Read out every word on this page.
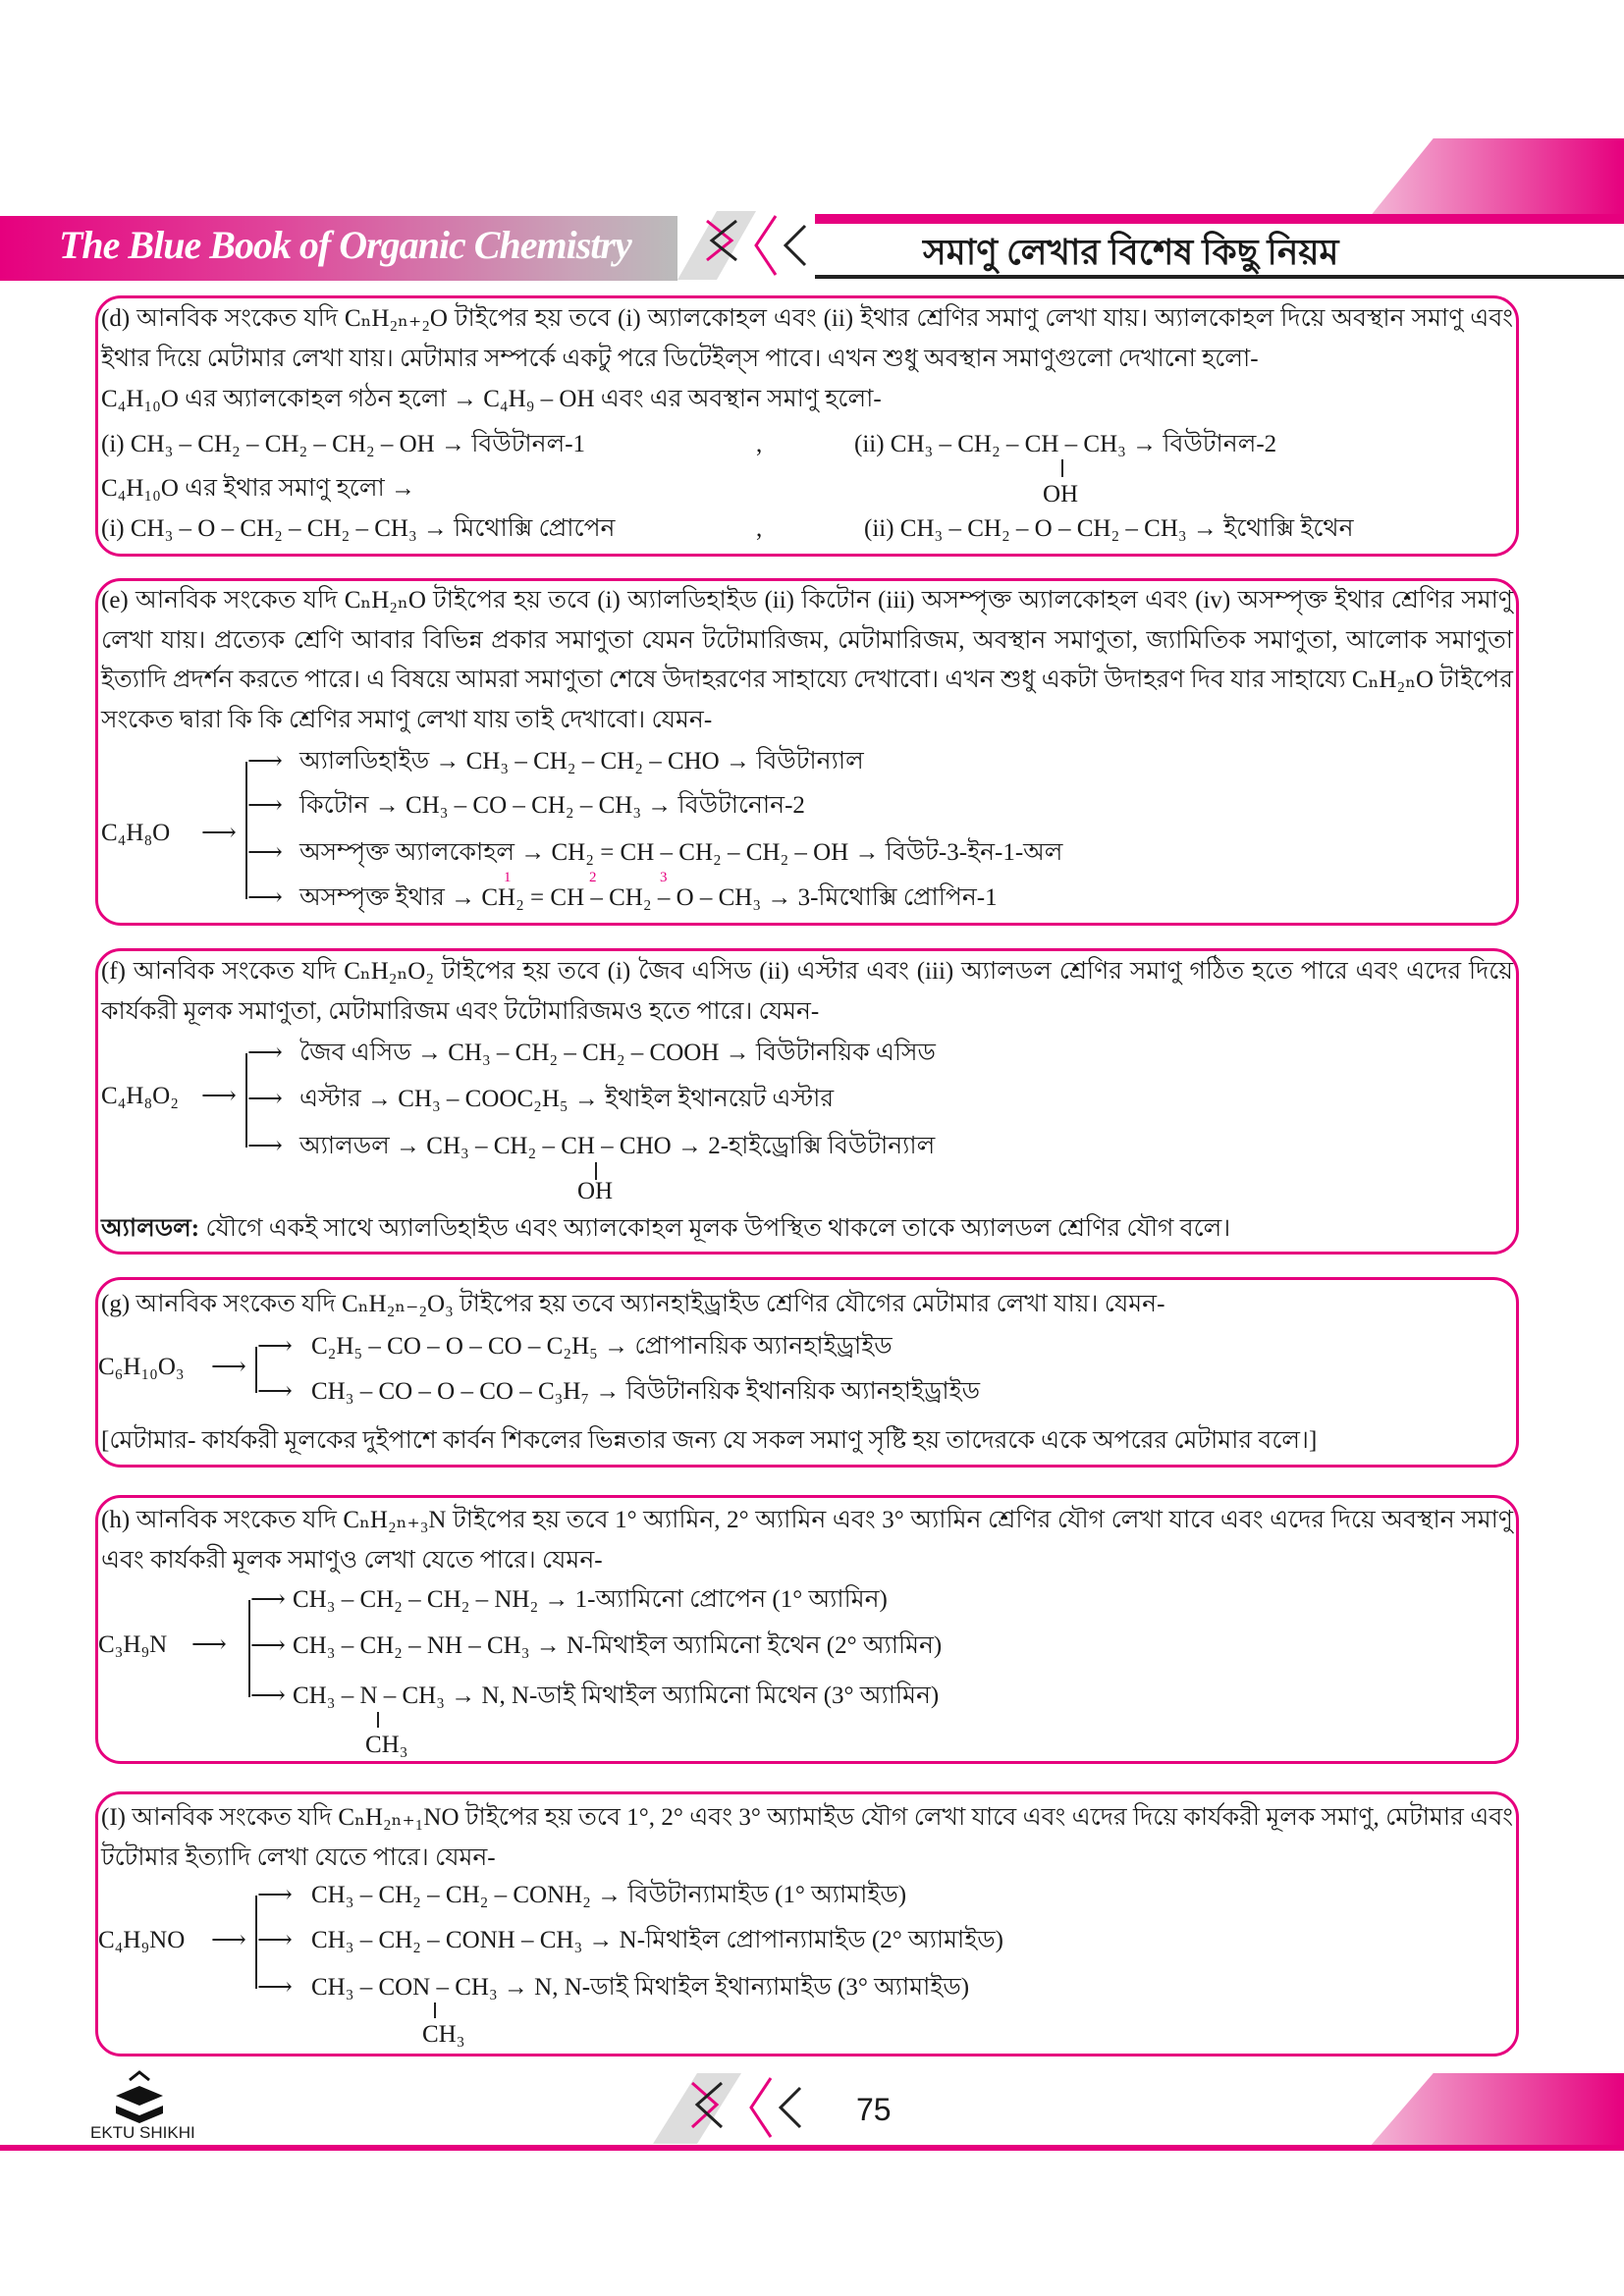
The Blue Book of Organic Chemistry	সমাণু লেখার বিশেষ কিছু নিয়ম
(d) আনবিক সংকেত যদি CₙH₂ₙ₊₂O টাইপের হয় তবে (i) অ্যালকোহল এবং (ii) ইথার শ্রেণির সমাণু লেখা যায়। অ্যালকোহল দিয়ে অবস্থান সমাণু এবং ইথার দিয়ে মেটামার লেখা যায়। মেটামার সম্পর্কে একটু পরে ডিটেইল্স পাবে। এখন শুধু অবস্থান সমাণুগুলো দেখানো হলো-
C₄H₁₀O এর অ্যালকোহল গঠন হলো → C₄H₉ – OH এবং এর অবস্থান সমাণু হলো-
(i) CH₃ – CH₂ – CH₂ – CH₂ – OH → বিউটানল-1	,	(ii) CH₃ – CH₂ – CH – CH₃ → বিউটানল-2
OH
C₄H₁₀O এর ইথার সমাণু হলো →
(i) CH₃ – O – CH₂ – CH₂ – CH₃ → মিথোক্সি প্রোপেন	,	(ii) CH₃ – CH₂ – O – CH₂ – CH₃ → ইথোক্সি ইথেন
(e) আনবিক সংকেত যদি CₙH₂ₙO টাইপের হয় তবে (i) অ্যালডিহাইড (ii) কিটোন (iii) অসম্পৃক্ত অ্যালকোহল এবং (iv) অসম্পৃক্ত ইথার শ্রেণির সমাণু লেখা যায়। প্রত্যেক শ্রেণি আবার বিভিন্ন প্রকার সমাণুতা যেমন টটোমারিজম, মেটামারিজম, অবস্থান সমাণুতা, জ্যামিতিক সমাণুতা, আলোক সমাণুতা ইত্যাদি প্রদর্শন করতে পারে। এ বিষয়ে আমরা সমাণুতা শেষে উদাহরণের সাহায্যে দেখাবো। এখন শুধু একটা উদাহরণ দিব যার সাহায্যে CₙH₂ₙO টাইপের সংকেত দ্বারা কি কি শ্রেণির সমাণু লেখা যায় তাই দেখাবো। যেমন-
C₄H₈O ⟶
⟶ অ্যালডিহাইড → CH₃ – CH₂ – CH₂ – CHO → বিউটান্যাল
⟶ কিটোন → CH₃ – CO – CH₂ – CH₃ → বিউটানোন-2
⟶ অসম্পৃক্ত অ্যালকোহল → CH₂ = CH – CH₂ – CH₂ – OH → বিউট-3-ইন-1-অল
⟶ অসম্পৃক্ত ইথার → CH₂ = CH – CH₂ – O – CH₃ → 3-মিথোক্সি প্রোপিন-1
1	2	3
(f) আনবিক সংকেত যদি CₙH₂ₙO₂ টাইপের হয় তবে (i) জৈব এসিড (ii) এস্টার এবং (iii) অ্যালডল শ্রেণির সমাণু গঠিত হতে পারে এবং এদের দিয়ে কার্যকরী মূলক সমাণুতা, মেটামারিজম এবং টটোমারিজমও হতে পারে। যেমন-
C₄H₈O₂ ⟶
⟶ জৈব এসিড → CH₃ – CH₂ – CH₂ – COOH → বিউটানয়িক এসিড
⟶ এস্টার → CH₃ – COOC₂H₅ → ইথাইল ইথানয়েট এস্টার
⟶ অ্যালডল → CH₃ – CH₂ – CH – CHO → 2-হাইড্রোক্সি বিউটান্যাল
OH
অ্যালডল: যৌগে একই সাথে অ্যালডিহাইড এবং অ্যালকোহল মূলক উপস্থিত থাকলে তাকে অ্যালডল শ্রেণির যৌগ বলে।
(g) আনবিক সংকেত যদি CₙH₂ₙ₋₂O₃ টাইপের হয় তবে অ্যানহাইড্রাইড শ্রেণির যৌগের মেটামার লেখা যায়। যেমন-
C₆H₁₀O₃ ⟶
⟶ C₂H₅ – CO – O – CO – C₂H₅ → প্রোপানয়িক অ্যানহাইড্রাইড
⟶ CH₃ – CO – O – CO – C₃H₇ → বিউটানয়িক ইথানয়িক অ্যানহাইড্রাইড
[মেটামার- কার্যকরী মূলকের দুইপাশে কার্বন শিকলের ভিন্নতার জন্য যে সকল সমাণু সৃষ্টি হয় তাদেরকে একে অপরের মেটামার বলে।]
(h) আনবিক সংকেত যদি CₙH₂ₙ₊₃N টাইপের হয় তবে 1° অ্যামিন, 2° অ্যামিন এবং 3° অ্যামিন শ্রেণির যৌগ লেখা যাবে এবং এদের দিয়ে অবস্থান সমাণু এবং কার্যকরী মূলক সমাণুও লেখা যেতে পারে। যেমন-
C₃H₉N ⟶
⟶ CH₃ – CH₂ – CH₂ – NH₂ → 1-অ্যামিনো প্রোপেন (1° অ্যামিন)
⟶ CH₃ – CH₂ – NH – CH₃ → N-মিথাইল অ্যামিনো ইথেন (2° অ্যামিন)
⟶ CH₃ – N – CH₃ → N, N-ডাই মিথাইল অ্যামিনো মিথেন (3° অ্যামিন)
CH₃
(I) আনবিক সংকেত যদি CₙH₂ₙ₊₁NO টাইপের হয় তবে 1°, 2° এবং 3° অ্যামাইড যৌগ লেখা যাবে এবং এদের দিয়ে কার্যকরী মূলক সমাণু, মেটামার এবং টটোমার ইত্যাদি লেখা যেতে পারে। যেমন-
C₄H₉NO ⟶
⟶ CH₃ – CH₂ – CH₂ – CONH₂ → বিউটান্যামাইড (1° অ্যামাইড)
⟶ CH₃ – CH₂ – CONH – CH₃ → N-মিথাইল প্রোপান্যামাইড (2° অ্যামাইড)
⟶ CH₃ – CON – CH₃ → N, N-ডাই মিথাইল ইথান্যামাইড (3° অ্যামাইড)
CH₃
EKTU SHIKHI
75
